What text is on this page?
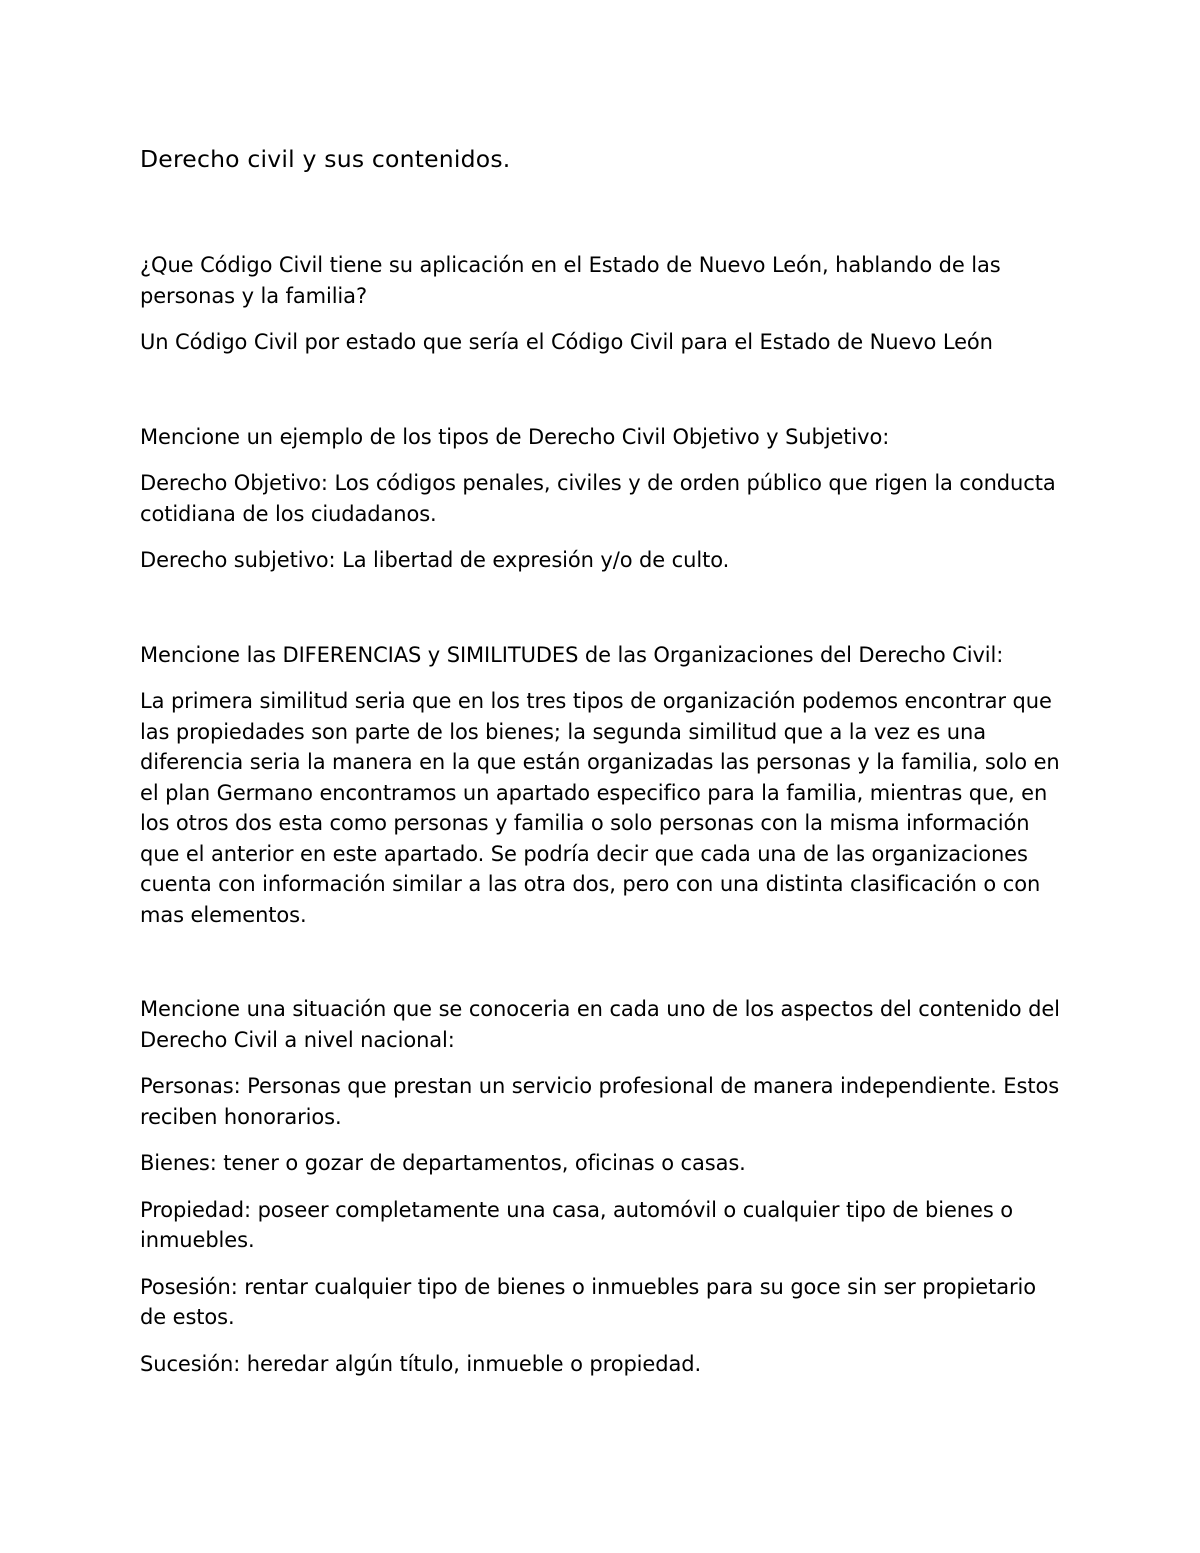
Derecho civil y sus contenidos.

¿Que Código Civil tiene su aplicación en el Estado de Nuevo León, hablando de las personas y la familia?

Un Código Civil por estado que sería el Código Civil para el Estado de Nuevo León

Mencione un ejemplo de los tipos de Derecho Civil Objetivo y Subjetivo:

Derecho Objetivo: Los códigos penales, civiles y de orden público que rigen la conducta cotidiana de los ciudadanos.

Derecho subjetivo: La libertad de expresión y/o de culto.

Mencione las DIFERENCIAS y SIMILITUDES de las Organizaciones del Derecho Civil:

La primera similitud seria que en los tres tipos de organización podemos encontrar que las propiedades son parte de los bienes; la segunda similitud que a la vez es una diferencia seria la manera en la que están organizadas las personas y la familia, solo en el plan Germano encontramos un apartado especifico para la familia, mientras que, en los otros dos esta como personas y familia o solo personas con la misma información que el anterior en este apartado. Se podría decir que cada una de las organizaciones cuenta con información similar a las otra dos, pero con una distinta clasificación o con mas elementos.

Mencione una situación que se conoceria en cada uno de los aspectos del contenido del Derecho Civil a nivel nacional:

Personas: Personas que prestan un servicio profesional de manera independiente. Estos reciben honorarios.

Bienes: tener o gozar de departamentos, oficinas o casas.

Propiedad: poseer completamente una casa, automóvil o cualquier tipo de bienes o inmuebles.

Posesión: rentar cualquier tipo de bienes o inmuebles para su goce sin ser propietario de estos.

Sucesión: heredar algún título, inmueble o propiedad.
